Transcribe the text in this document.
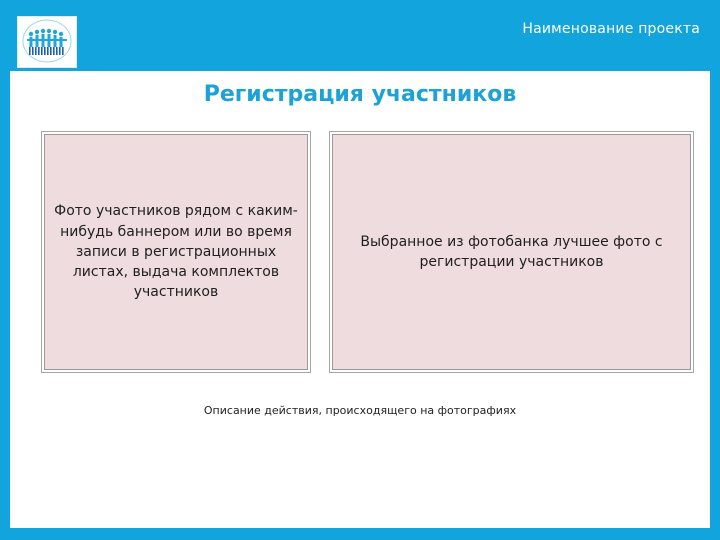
Наименование проекта
Регистрация участников
Фото участников рядом с каким-нибудь баннером или во время записи в регистрационных листах, выдача комплектов участников
Выбранное из фотобанка лучшее фото с регистрации участников
Описание действия, происходящего на фотографиях
